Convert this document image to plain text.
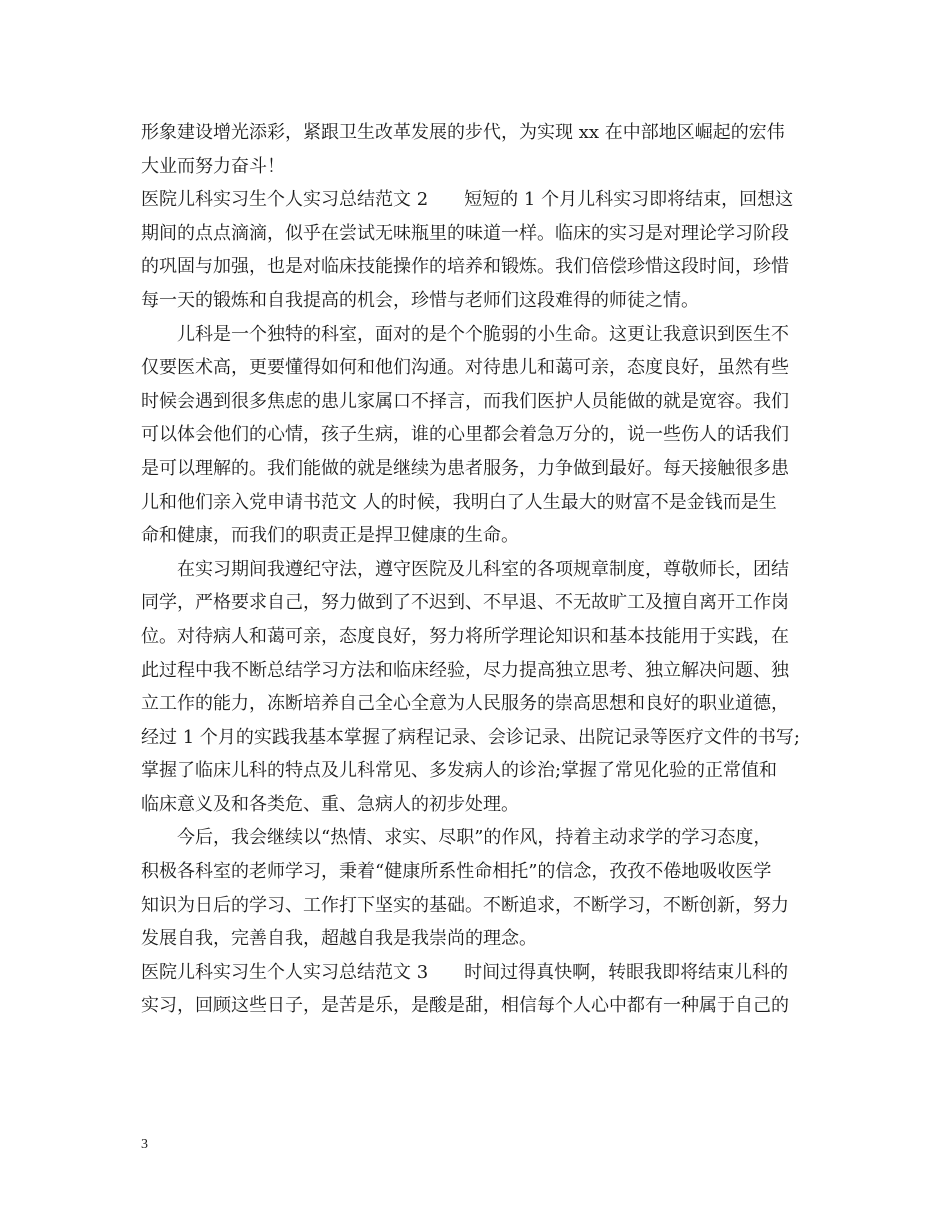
形象建设增光添彩，紧跟卫生改革发展的步代，为实现 xx 在中部地区崛起的宏伟
大业而努力奋斗！
医院儿科实习生个人实习总结范文 2　　短短的 1 个月儿科实习即将结束，回想这
期间的点点滴滴，似乎在尝试无味瓶里的味道一样。临床的实习是对理论学习阶段
的巩固与加强，也是对临床技能操作的培养和锻炼。我们倍偿珍惜这段时间，珍惜
每一天的锻炼和自我提高的机会，珍惜与老师们这段难得的师徒之情。
　　儿科是一个独特的科室，面对的是个个脆弱的小生命。这更让我意识到医生不
仅要医术高，更要懂得如何和他们沟通。对待患儿和蔼可亲，态度良好，虽然有些
时候会遇到很多焦虑的患儿家属口不择言，而我们医护人员能做的就是宽容。我们
可以体会他们的心情，孩子生病，谁的心里都会着急万分的，说一些伤人的话我们
是可以理解的。我们能做的就是继续为患者服务，力争做到最好。每天接触很多患
儿和他们亲入党申请书范文 人的时候，我明白了人生最大的财富不是金钱而是生
命和健康，而我们的职责正是捍卫健康的生命。
　　在实习期间我遵纪守法，遵守医院及儿科室的各项规章制度，尊敬师长，团结
同学，严格要求自己，努力做到了不迟到、不早退、不无故旷工及擅自离开工作岗
位。对待病人和蔼可亲，态度良好，努力将所学理论知识和基本技能用于实践，在
此过程中我不断总结学习方法和临床经验，尽力提高独立思考、独立解决问题、独
立工作的能力，冻断培养自己全心全意为人民服务的崇高思想和良好的职业道德，
经过 1 个月的实践我基本掌握了病程记录、会诊记录、出院记录等医疗文件的书写;
掌握了临床儿科的特点及儿科常见、多发病人的诊治;掌握了常见化验的正常值和
临床意义及和各类危、重、急病人的初步处理。
　　今后，我会继续以“热情、求实、尽职”的作风，持着主动求学的学习态度，
积极各科室的老师学习，秉着“健康所系性命相托”的信念，孜孜不倦地吸收医学
知识为日后的学习、工作打下坚实的基础。不断追求，不断学习，不断创新，努力
发展自我，完善自我，超越自我是我崇尚的理念。
医院儿科实习生个人实习总结范文 3　　时间过得真快啊，转眼我即将结束儿科的
实习，回顾这些日子，是苦是乐，是酸是甜，相信每个人心中都有一种属于自己的
3
